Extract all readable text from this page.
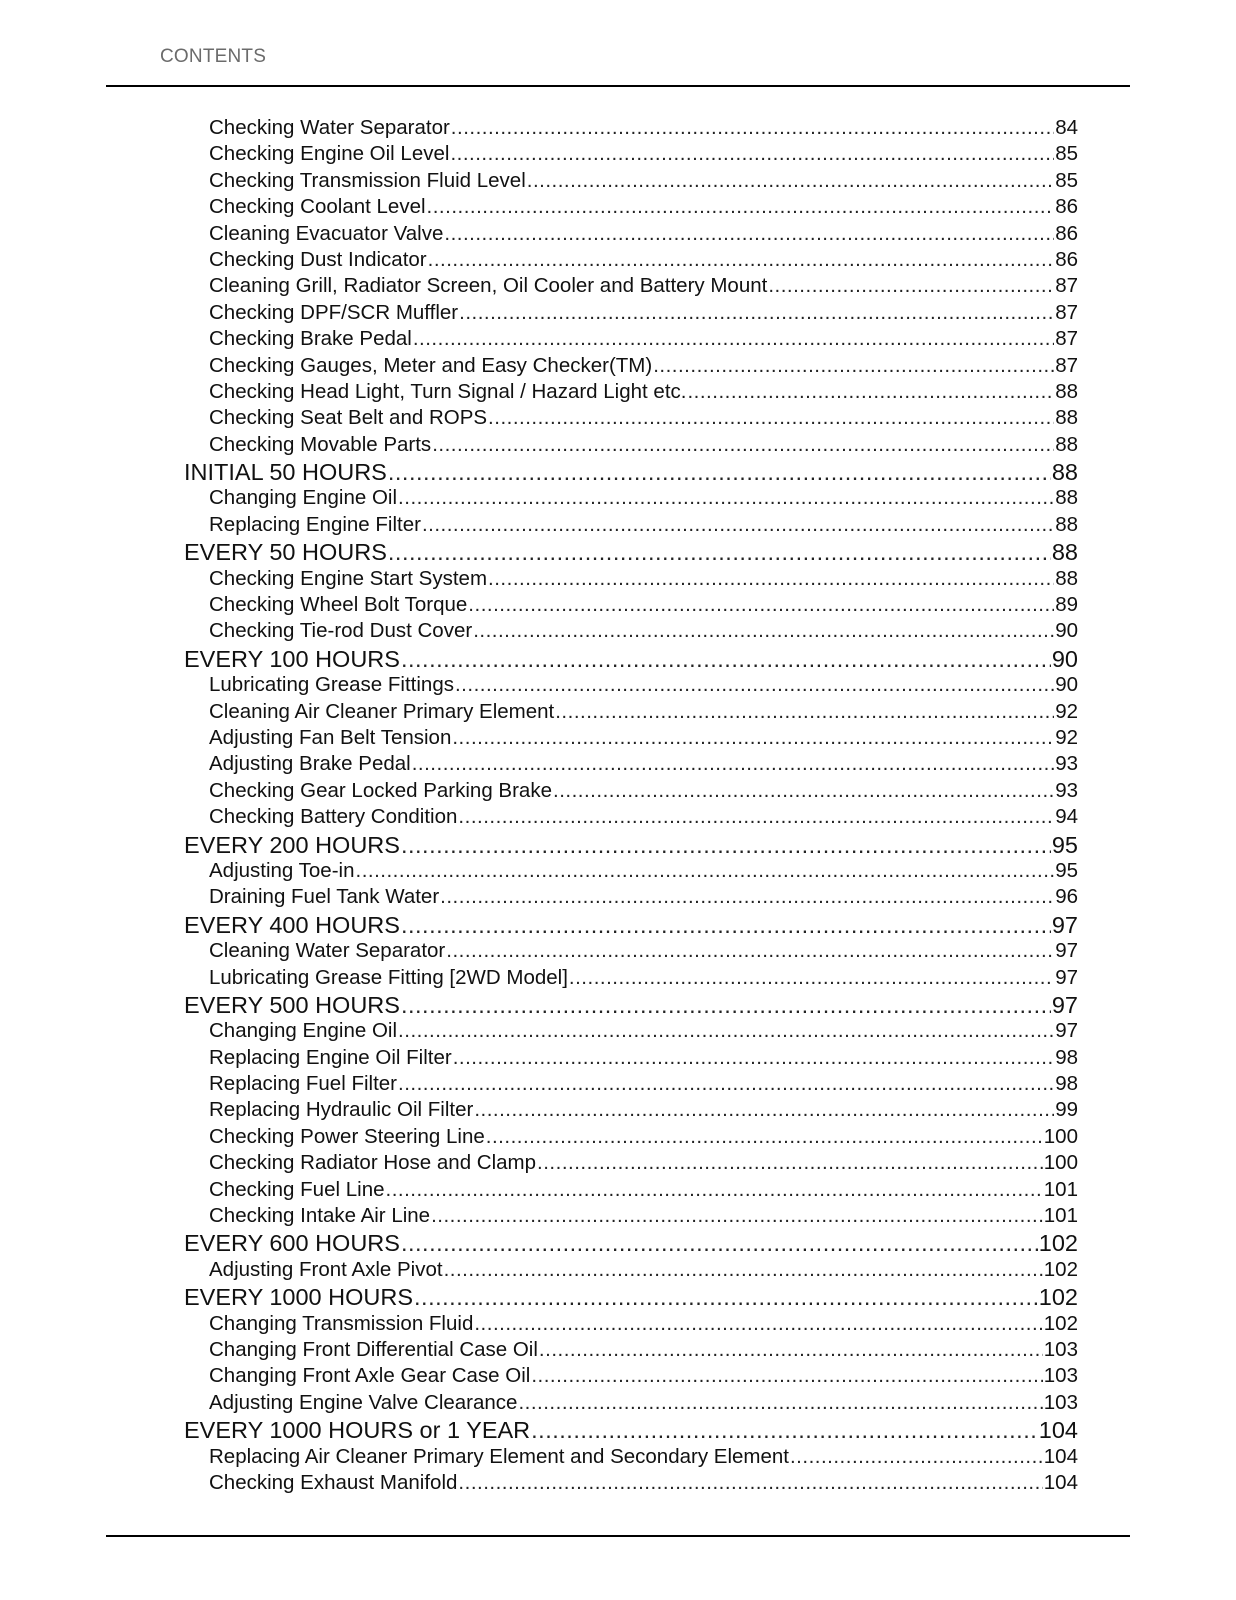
CONTENTS
Checking Water Separator .....	84
Checking Engine Oil Level .....	85
Checking Transmission Fluid Level .....	85
Checking Coolant Level .....	86
Cleaning Evacuator Valve .....	86
Checking Dust Indicator .....	86
Cleaning Grill, Radiator Screen, Oil Cooler and Battery Mount .....	87
Checking DPF/SCR Muffler .....	87
Checking Brake Pedal .....	87
Checking Gauges, Meter and Easy Checker(TM) .....	87
Checking Head Light, Turn Signal / Hazard Light etc. .....	88
Checking Seat Belt and ROPS .....	88
Checking Movable Parts .....	88
INITIAL 50 HOURS .....	88
Changing Engine Oil .....	88
Replacing Engine Filter .....	88
EVERY 50 HOURS .....	88
Checking Engine Start System .....	88
Checking Wheel Bolt Torque .....	89
Checking Tie-rod Dust Cover .....	90
EVERY 100 HOURS .....	90
Lubricating Grease Fittings .....	90
Cleaning Air Cleaner Primary Element .....	92
Adjusting Fan Belt Tension .....	92
Adjusting Brake Pedal .....	93
Checking Gear Locked Parking Brake .....	93
Checking Battery Condition .....	94
EVERY 200 HOURS .....	95
Adjusting Toe-in .....	95
Draining Fuel Tank Water .....	96
EVERY 400 HOURS .....	97
Cleaning Water Separator .....	97
Lubricating Grease Fitting [2WD Model] .....	97
EVERY 500 HOURS .....	97
Changing Engine Oil .....	97
Replacing Engine Oil Filter .....	98
Replacing Fuel Filter .....	98
Replacing Hydraulic Oil Filter .....	99
Checking Power Steering Line .....	100
Checking Radiator Hose and Clamp .....	100
Checking Fuel Line .....	101
Checking Intake Air Line .....	101
EVERY 600 HOURS .....	102
Adjusting Front Axle Pivot .....	102
EVERY 1000 HOURS .....	102
Changing Transmission Fluid .....	102
Changing Front Differential Case Oil .....	103
Changing Front Axle Gear Case Oil .....	103
Adjusting Engine Valve Clearance .....	103
EVERY 1000 HOURS or 1 YEAR .....	104
Replacing Air Cleaner Primary Element and Secondary Element .....	104
Checking Exhaust Manifold .....	104
